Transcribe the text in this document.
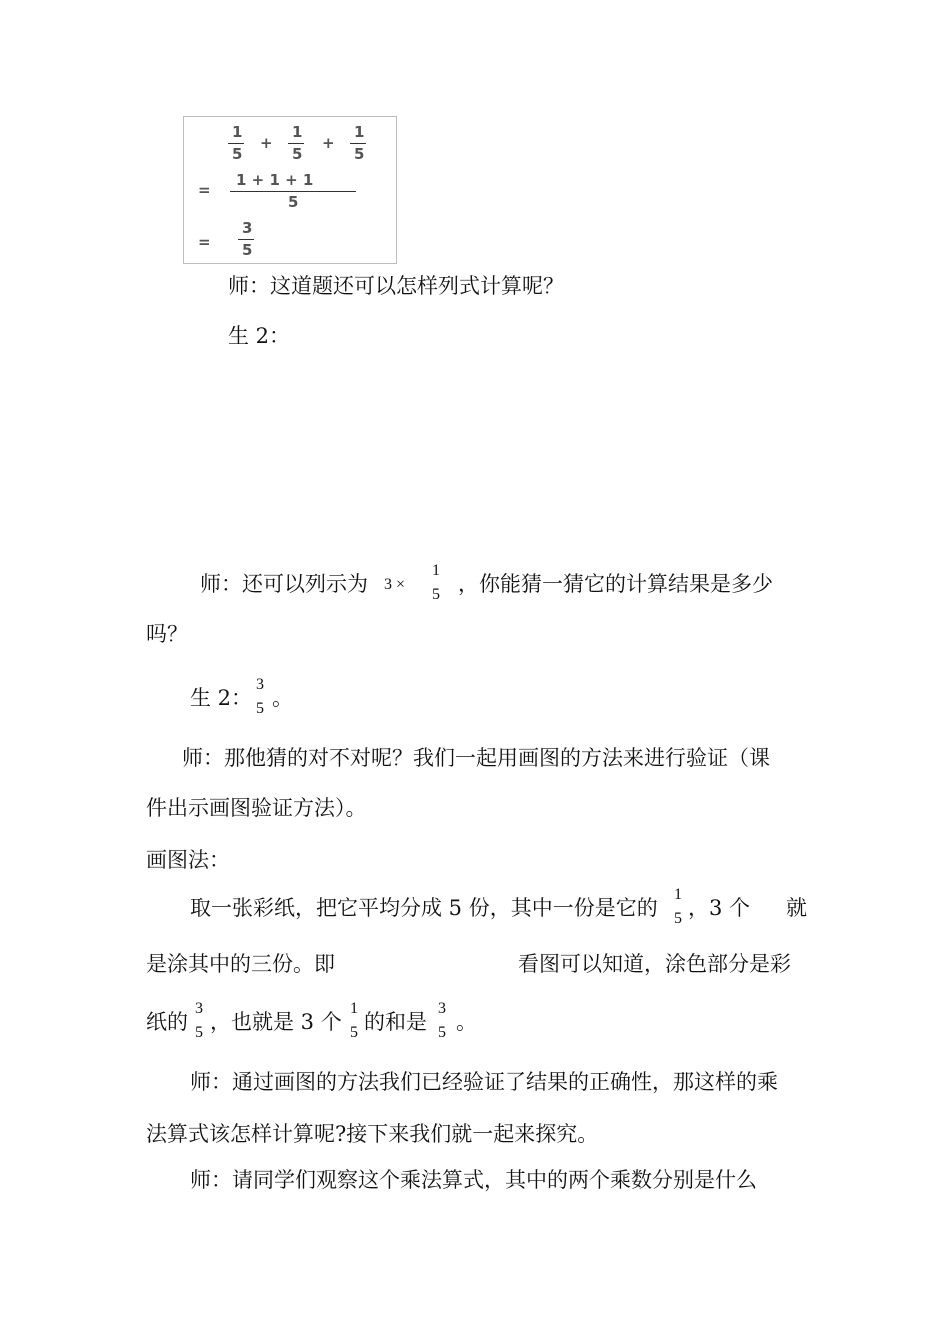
1
5
+
1
5
+
1
5
=
1 + 1 + 1
5
=
3
5
师：这道题还可以怎样列式计算呢？
生 2：
师：还可以列示为 3 ×
1
5 ，你能猜一猜它的计算结果是多少
吗？
生 2：
3
5 。
师：那他猜的对不对呢？我们一起用画图的方法来进行验证（课
件出示画图验证方法）。
画图法：
取一张彩纸，把它平均分成 5 份，其中一份是它的
1
5 ，3 个 就
是涂其中的三份。即	看图可以知道，涂色部分是彩
纸的
3
5 ，也就是 3 个
1
5 的和是
3
5 。
师：通过画图的方法我们已经验证了结果的正确性，那这样的乘
法算式该怎样计算呢?接下来我们就一起来探究。
师：请同学们观察这个乘法算式，其中的两个乘数分别是什么
